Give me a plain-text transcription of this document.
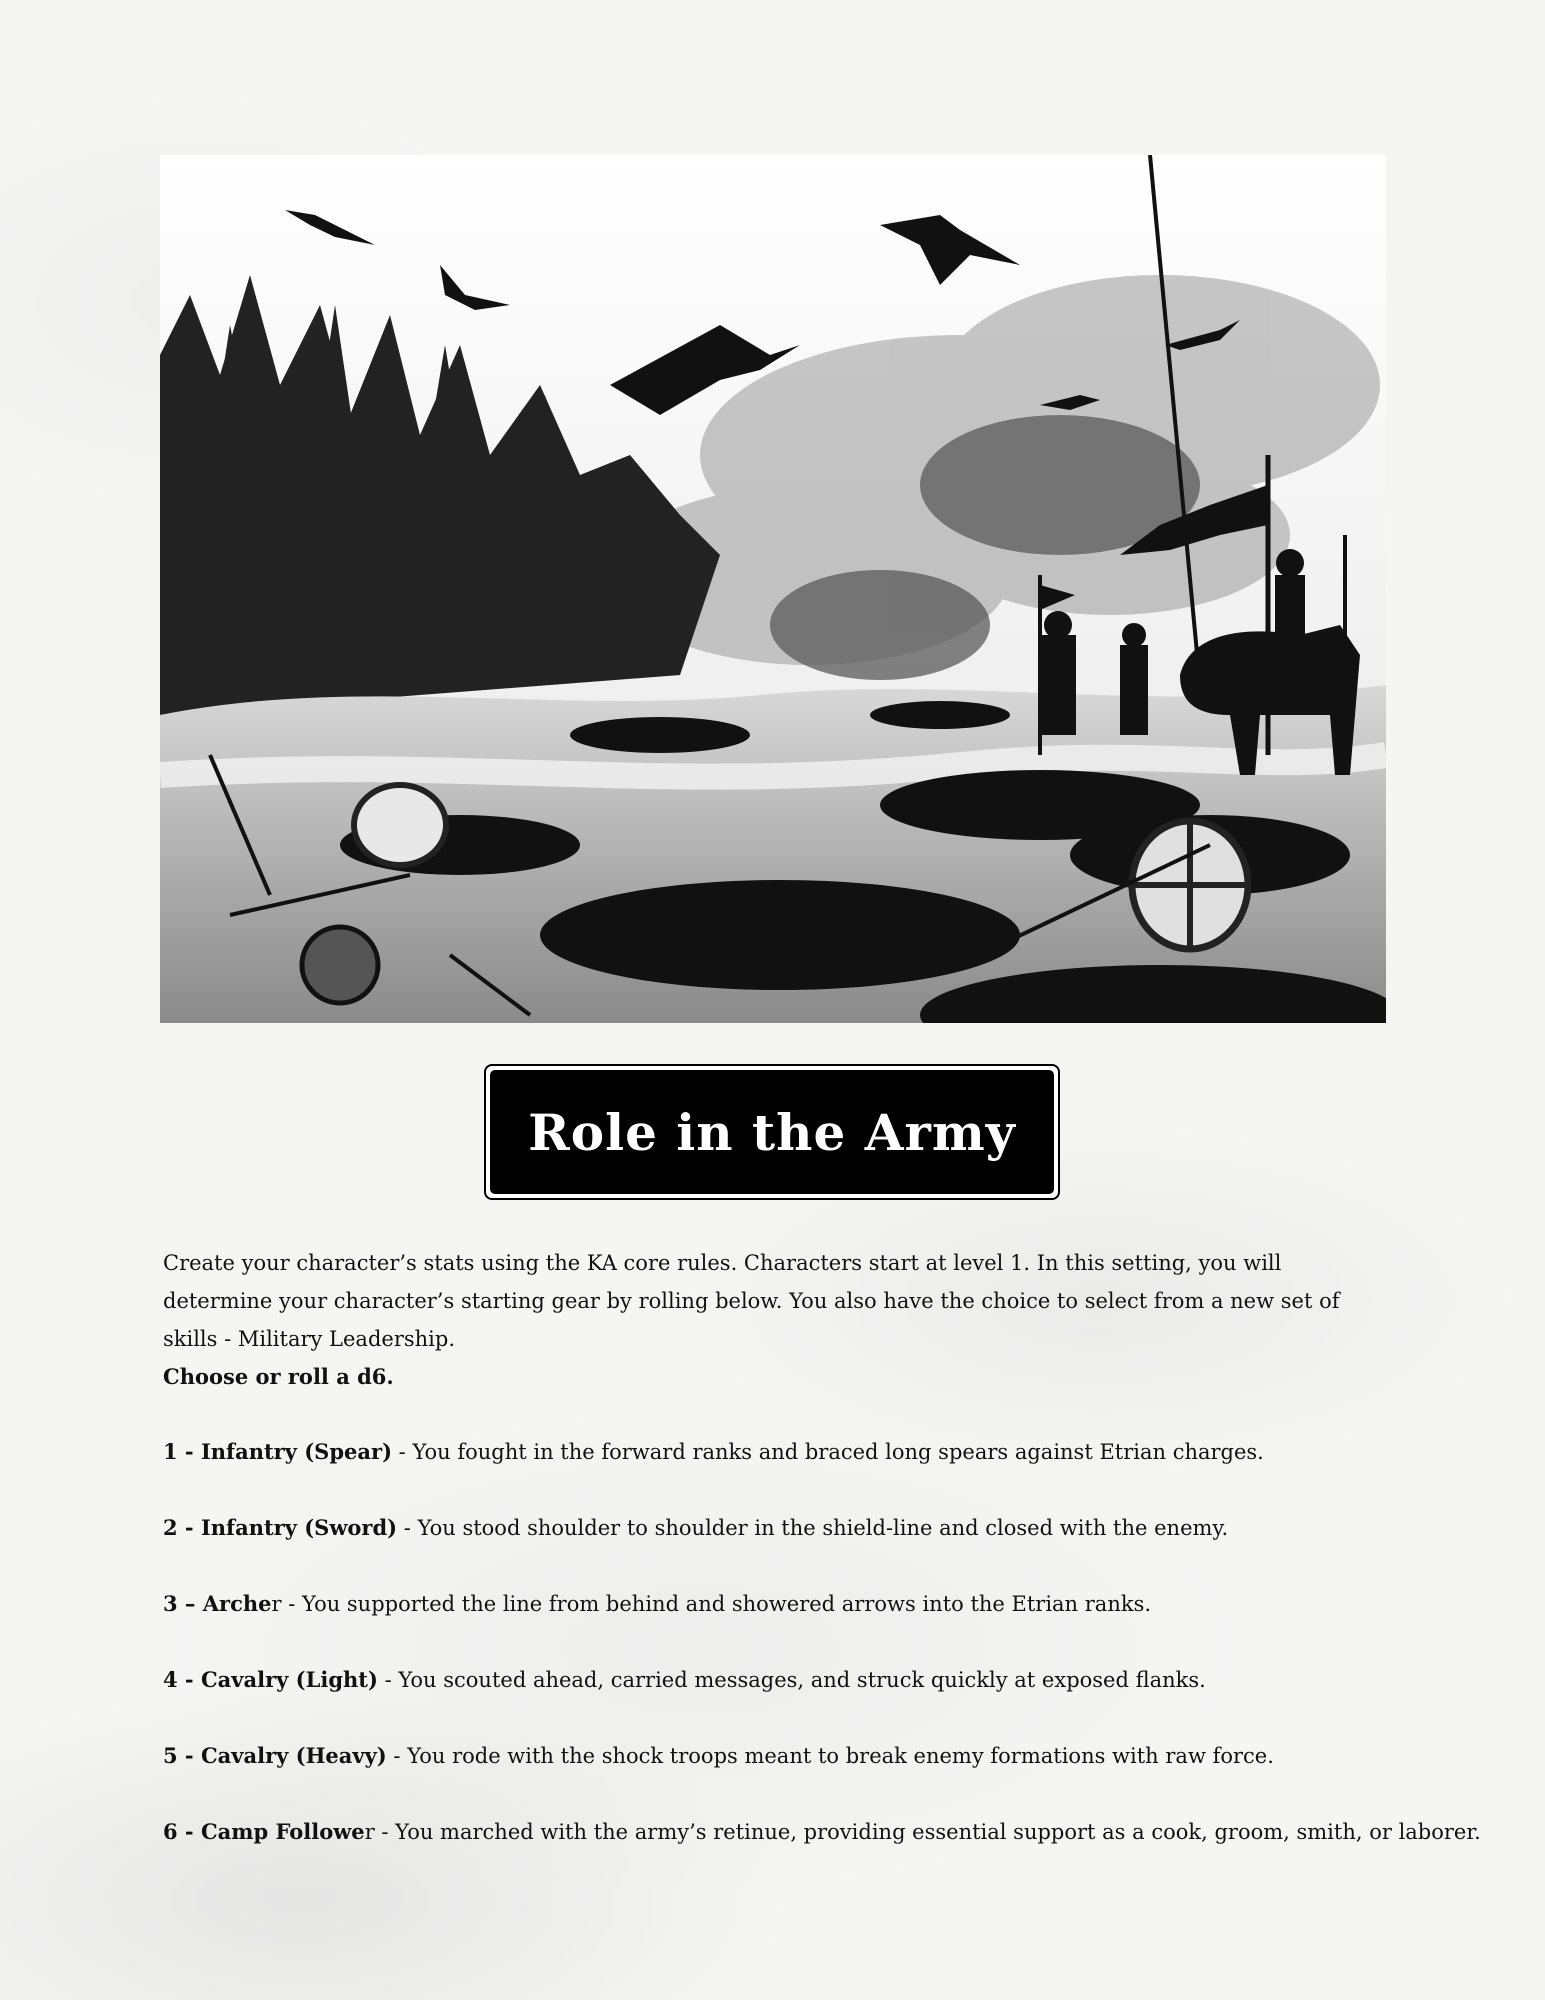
Role in the Army

Create your character’s stats using the KA core rules. Characters start at level 1. In this setting, you will determine your character’s starting gear by rolling below. You also have the choice to select from a new set of skills - Military Leadership.

Choose or roll a d6.

1 - Infantry (Spear) - You fought in the forward ranks and braced long spears against Etrian charges.
2 - Infantry (Sword) - You stood shoulder to shoulder in the shield-line and closed with the enemy.
3 – Archer - You supported the line from behind and showered arrows into the Etrian ranks.
4 - Cavalry (Light) - You scouted ahead, carried messages, and struck quickly at exposed flanks.
5 - Cavalry (Heavy) - You rode with the shock troops meant to break enemy formations with raw force.
6 - Camp Follower - You marched with the army’s retinue, providing essential support as a cook, groom, smith, or laborer.
